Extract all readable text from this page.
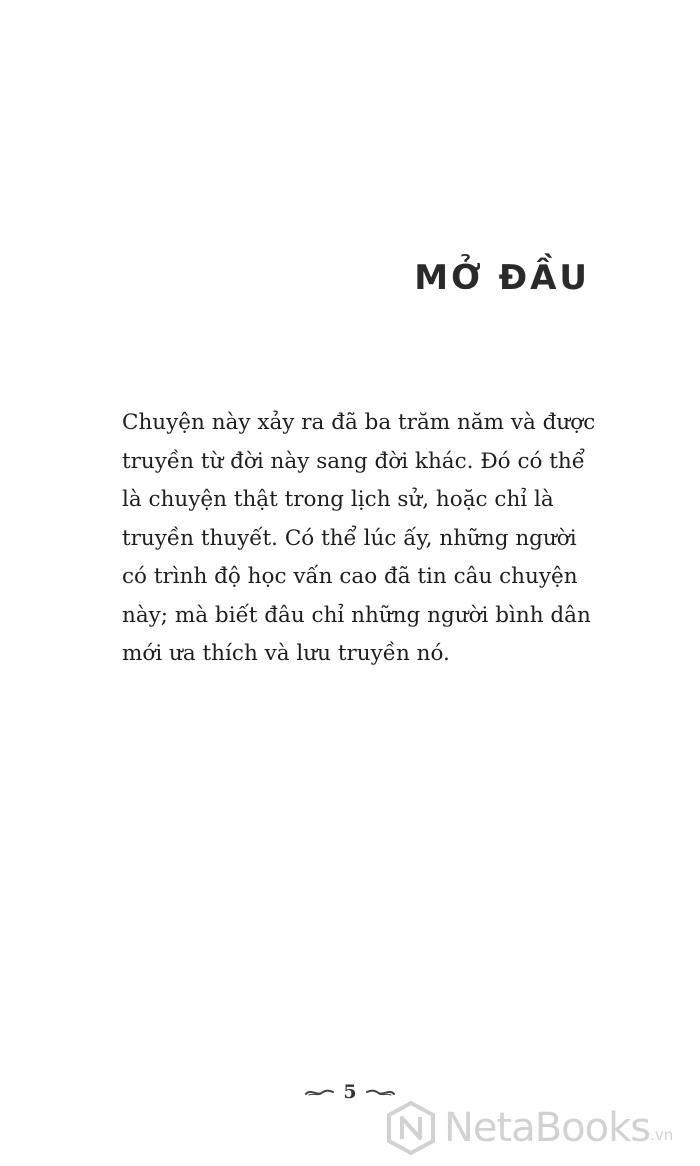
MỞ ĐẦU
Chuyện này xảy ra đã ba trăm năm và được
truyền từ đời này sang đời khác. Đó có thể
là chuyện thật trong lịch sử, hoặc chỉ là
truyền thuyết. Có thể lúc ấy, những người
có trình độ học vấn cao đã tin câu chuyện
này; mà biết đâu chỉ những người bình dân
mới ưa thích và lưu truyền nó.
5
NetaBooks .vn
